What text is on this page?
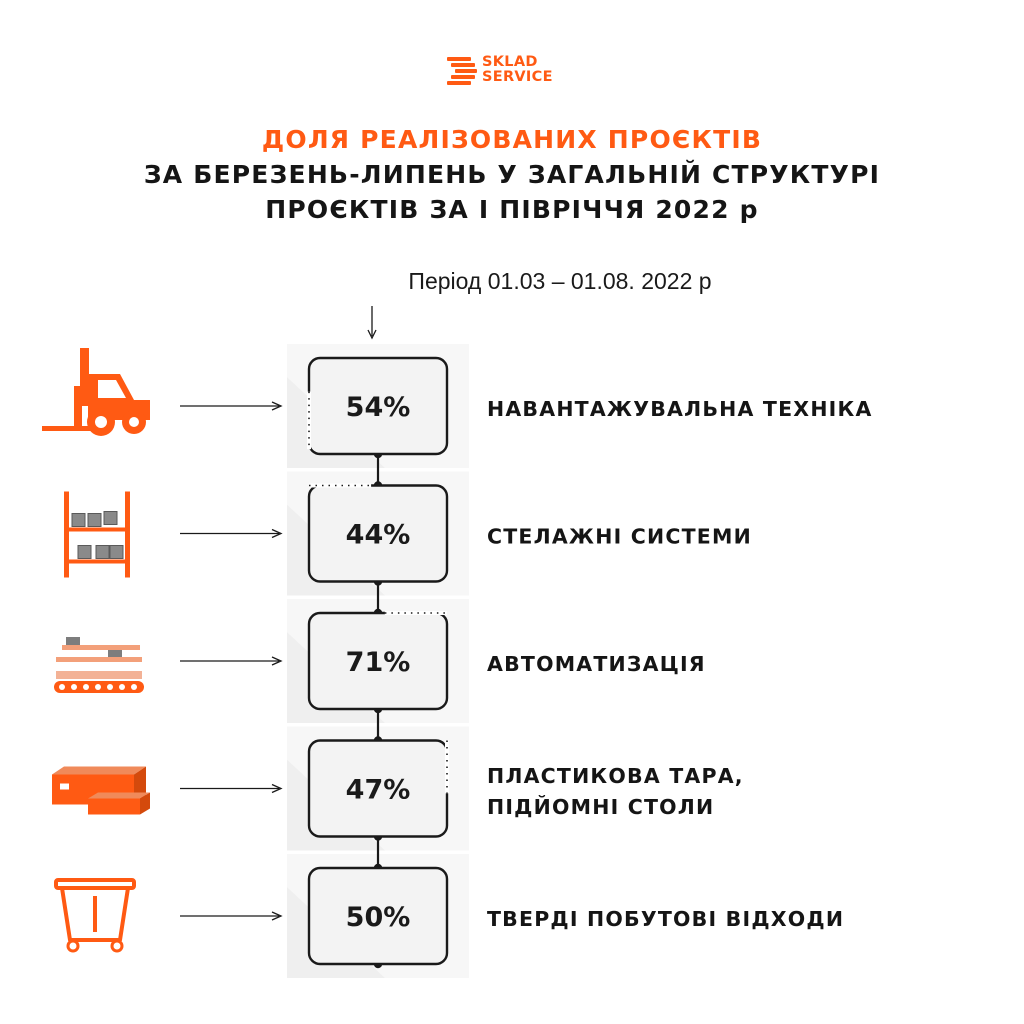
SKLAD
SERVICE
ДОЛЯ РЕАЛІЗОВАНИХ ПРОЄКТІВ
ЗА БЕРЕЗЕНЬ-ЛИПЕНЬ У ЗАГАЛЬНІЙ СТРУКТУРІ
ПРОЄКТІВ ЗА І ПІВРІЧЧЯ 2022 р
Період 01.03 – 01.08. 2022 р
54%	НАВАНТАЖУВАЛЬНА ТЕХНІКА
44%	СТЕЛАЖНІ СИСТЕМИ
71%	АВТОМАТИЗАЦІЯ
47%	ПЛАСТИКОВА ТАРА,
ПІДЙОМНІ СТОЛИ
50%	ТВЕРДІ ПОБУТОВІ ВІДХОДИ
